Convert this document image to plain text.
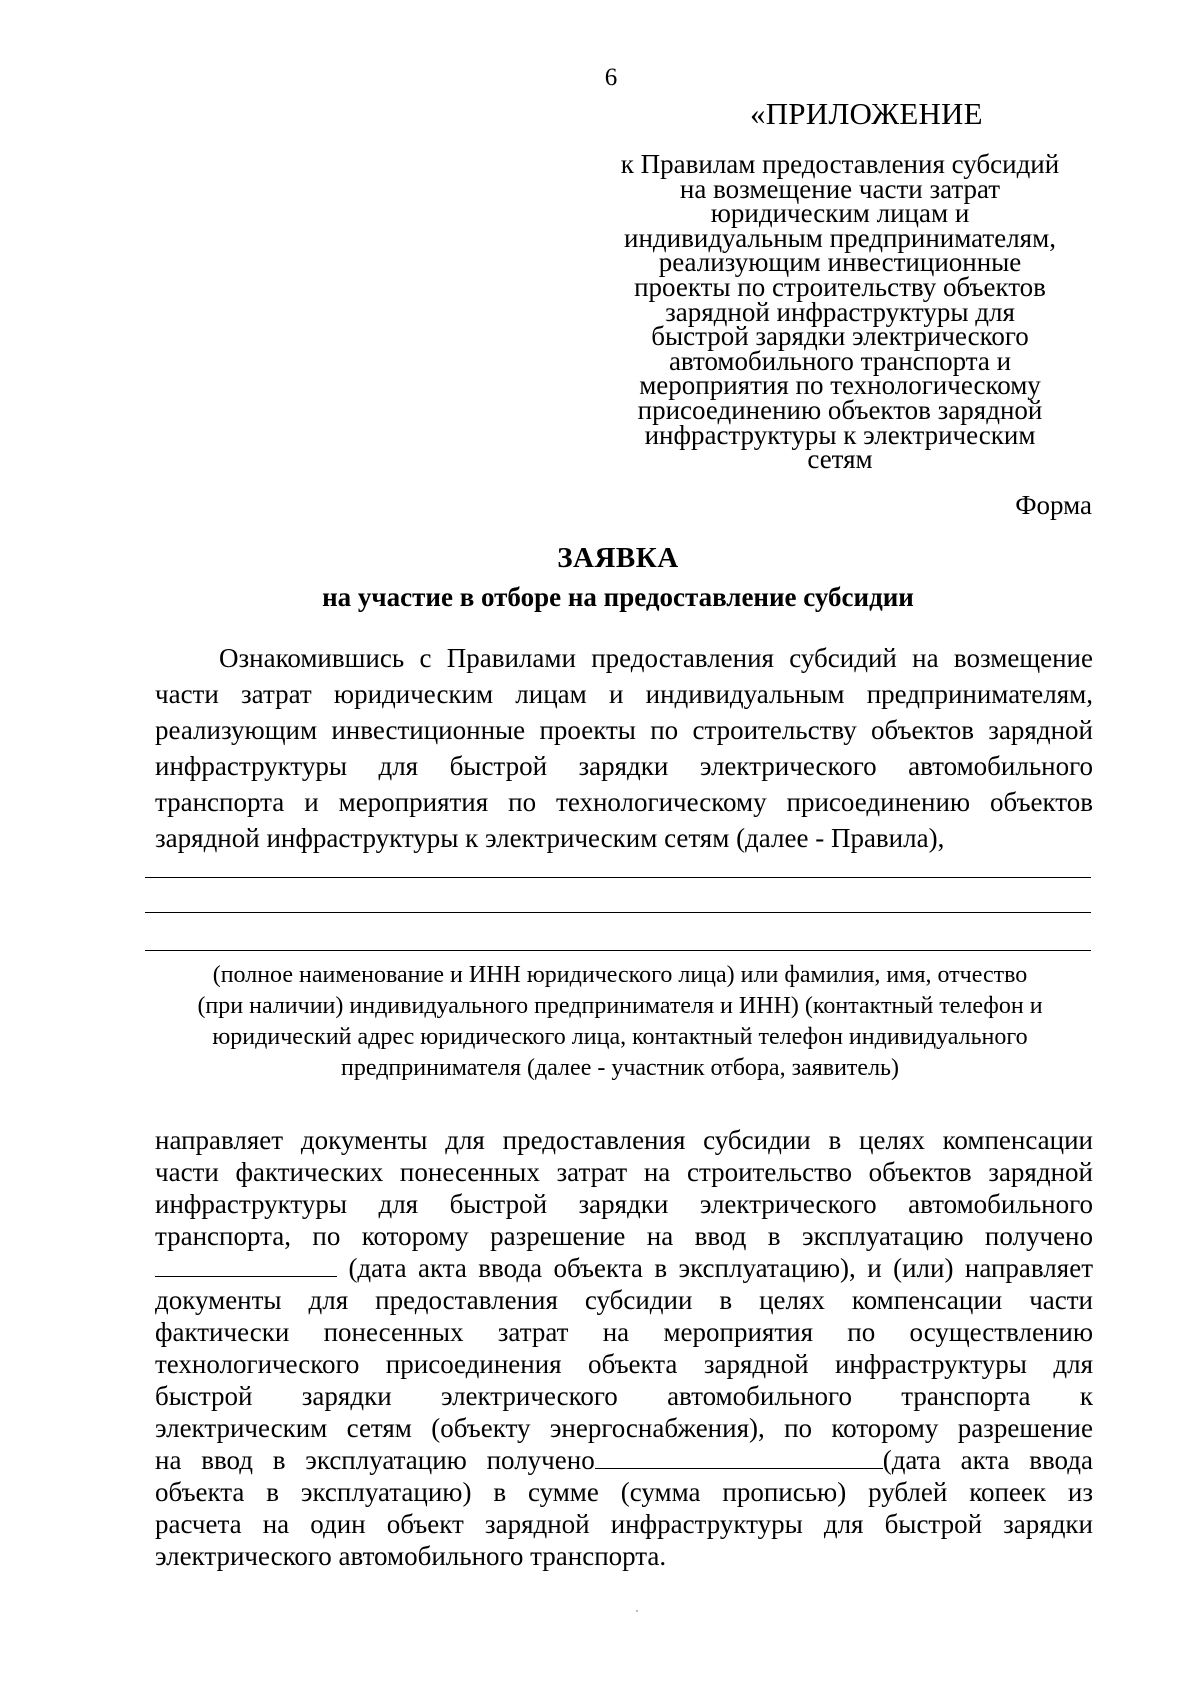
6
«ПРИЛОЖЕНИЕ
к Правилам предоставления субсидий
на возмещение части затрат
юридическим лицам и
индивидуальным предпринимателям,
реализующим инвестиционные
проекты по строительству объектов
зарядной инфраструктуры для
быстрой зарядки электрического
автомобильного транспорта и
мероприятия по технологическому
присоединению объектов зарядной
инфраструктуры к электрическим
сетям
Форма
ЗАЯВКА
на участие в отборе на предоставление субсидии
Ознакомившись с Правилами предоставления субсидий на возмещение
части затрат юридическим лицам и индивидуальным предпринимателям,
реализующим инвестиционные проекты по строительству объектов зарядной
инфраструктуры для быстрой зарядки электрического автомобильного
транспорта и мероприятия по технологическому присоединению объектов
зарядной инфраструктуры к электрическим сетям (далее - Правила),
(полное наименование и ИНН юридического лица) или фамилия, имя, отчество
(при наличии) индивидуального предпринимателя и ИНН) (контактный телефон и
юридический адрес юридического лица, контактный телефон индивидуального
предпринимателя (далее - участник отбора, заявитель)
направляет документы для предоставления субсидии в целях компенсации
части фактических понесенных затрат на строительство объектов зарядной
инфраструктуры для быстрой зарядки электрического автомобильного
транспорта, по которому разрешение на ввод в эксплуатацию получено
(дата акта ввода объекта в эксплуатацию), и (или) направляет
документы для предоставления субсидии в целях компенсации части
фактически понесенных затрат на мероприятия по осуществлению
технологического присоединения объекта зарядной инфраструктуры для
быстрой зарядки электрического автомобильного транспорта к
электрическим сетям (объекту энергоснабжения), по которому разрешение
на ввод в эксплуатацию получено	(дата акта ввода
объекта в эксплуатацию) в сумме (сумма прописью) рублей копеек из
расчета на один объект зарядной инфраструктуры для быстрой зарядки
электрического автомобильного транспорта.
